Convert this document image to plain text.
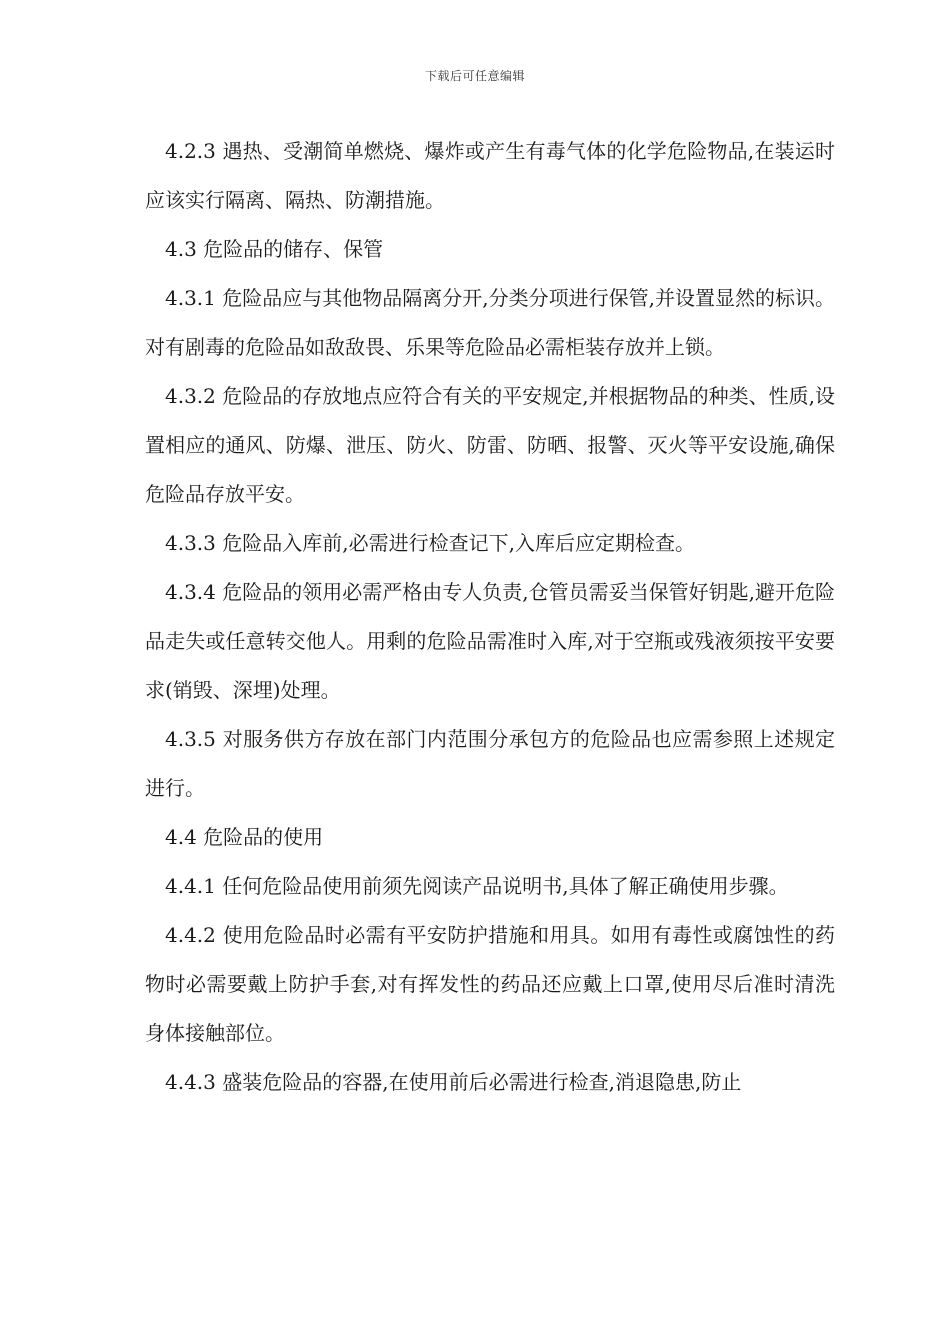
下载后可任意编辑

4.2.3 遇热、受潮简单燃烧、爆炸或产生有毒气体的化学危险物品,在装运时应该实行隔离、隔热、防潮措施。

4.3 危险品的储存、保管

4.3.1 危险品应与其他物品隔离分开,分类分项进行保管,并设置显然的标识。对有剧毒的危险品如敌敌畏、乐果等危险品必需柜装存放并上锁。

4.3.2 危险品的存放地点应符合有关的平安规定,并根据物品的种类、性质,设置相应的通风、防爆、泄压、防火、防雷、防晒、报警、灭火等平安设施,确保危险品存放平安。

4.3.3 危险品入库前,必需进行检查记下,入库后应定期检查。

4.3.4 危险品的领用必需严格由专人负责,仓管员需妥当保管好钥匙,避开危险品走失或任意转交他人。用剩的危险品需准时入库,对于空瓶或残液须按平安要求(销毁、深埋)处理。

4.3.5 对服务供方存放在部门内范围分承包方的危险品也应需参照上述规定进行。

4.4 危险品的使用

4.4.1 任何危险品使用前须先阅读产品说明书,具体了解正确使用步骤。

4.4.2 使用危险品时必需有平安防护措施和用具。如用有毒性或腐蚀性的药物时必需要戴上防护手套,对有挥发性的药品还应戴上口罩,使用尽后准时清洗身体接触部位。

4.4.3 盛装危险品的容器,在使用前后必需进行检查,消退隐患,防止
